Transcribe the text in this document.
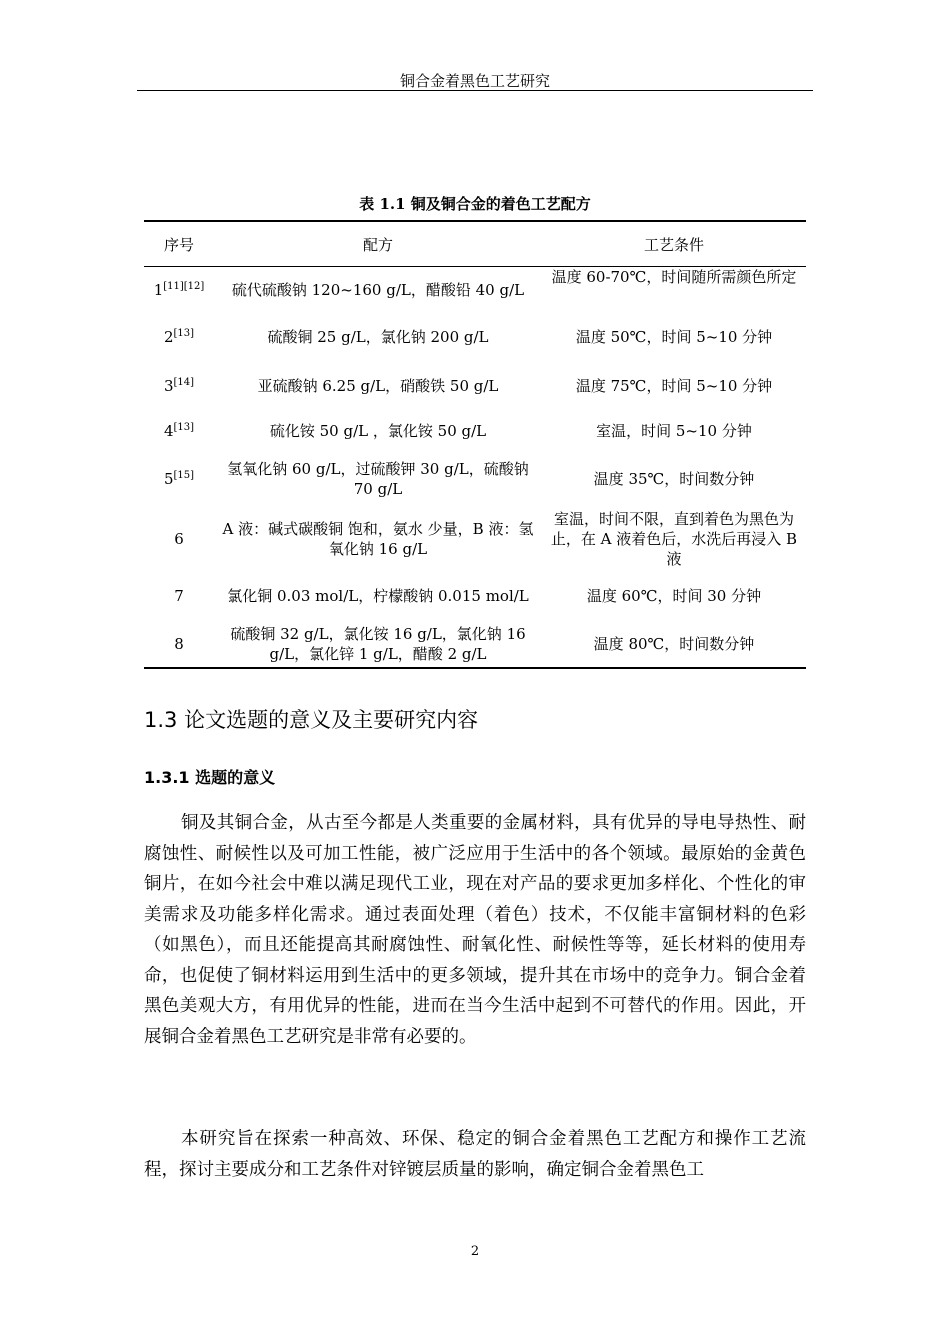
铜合金着黑色工艺研究
表 1.1 铜及铜合金的着色工艺配方
序号	配方	工艺条件
1[11][12]	硫代硫酸钠 120~160 g/L，醋酸铅 40 g/L	温度 60-70℃，时间随所需颜色所定
2[13]	硫酸铜 25 g/L，氯化钠 200 g/L	温度 50℃，时间 5~10 分钟
3[14]	亚硫酸钠 6.25 g/L，硝酸铁 50 g/L	温度 75℃，时间 5~10 分钟
4[13]	硫化铵 50 g/L ，氯化铵 50 g/L	室温，时间 5~10 分钟
5[15]	氢氧化钠 60 g/L，过硫酸钾 30 g/L，硫酸钠 70 g/L	温度 35℃，时间数分钟
6	A 液：碱式碳酸铜 饱和，氨水 少量，B 液：氢氧化钠 16 g/L	室温，时间不限，直到着色为黑色为止，在 A 液着色后，水洗后再浸入 B 液
7	氯化铜 0.03 mol/L，柠檬酸钠 0.015 mol/L	温度 60℃，时间 30 分钟
8	硫酸铜 32 g/L，氯化铵 16 g/L，氯化钠 16 g/L，氯化锌 1 g/L，醋酸 2 g/L	温度 80℃，时间数分钟
1.3 论文选题的意义及主要研究内容
1.3.1 选题的意义

铜及其铜合金，从古至今都是人类重要的金属材料，具有优异的导电导热性、耐腐蚀性、耐候性以及可加工性能，被广泛应用于生活中的各个领域。最原始的金黄色铜片，在如今社会中难以满足现代工业，现在对产品的要求更加多样化、个性化的审美需求及功能多样化需求。通过表面处理（着色）技术，不仅能丰富铜材料的色彩（如黑色），而且还能提高其耐腐蚀性、耐氧化性、耐候性等等，延长材料的使用寿命，也促使了铜材料运用到生活中的更多领域，提升其在市场中的竞争力。铜合金着黑色美观大方，有用优异的性能，进而在当今生活中起到不可替代的作用。因此，开展铜合金着黑色工艺研究是非常有必要的。

本研究旨在探索一种高效、环保、稳定的铜合金着黑色工艺配方和操作工艺流程，探讨主要成分和工艺条件对锌镀层质量的影响，确定铜合金着黑色工

2
